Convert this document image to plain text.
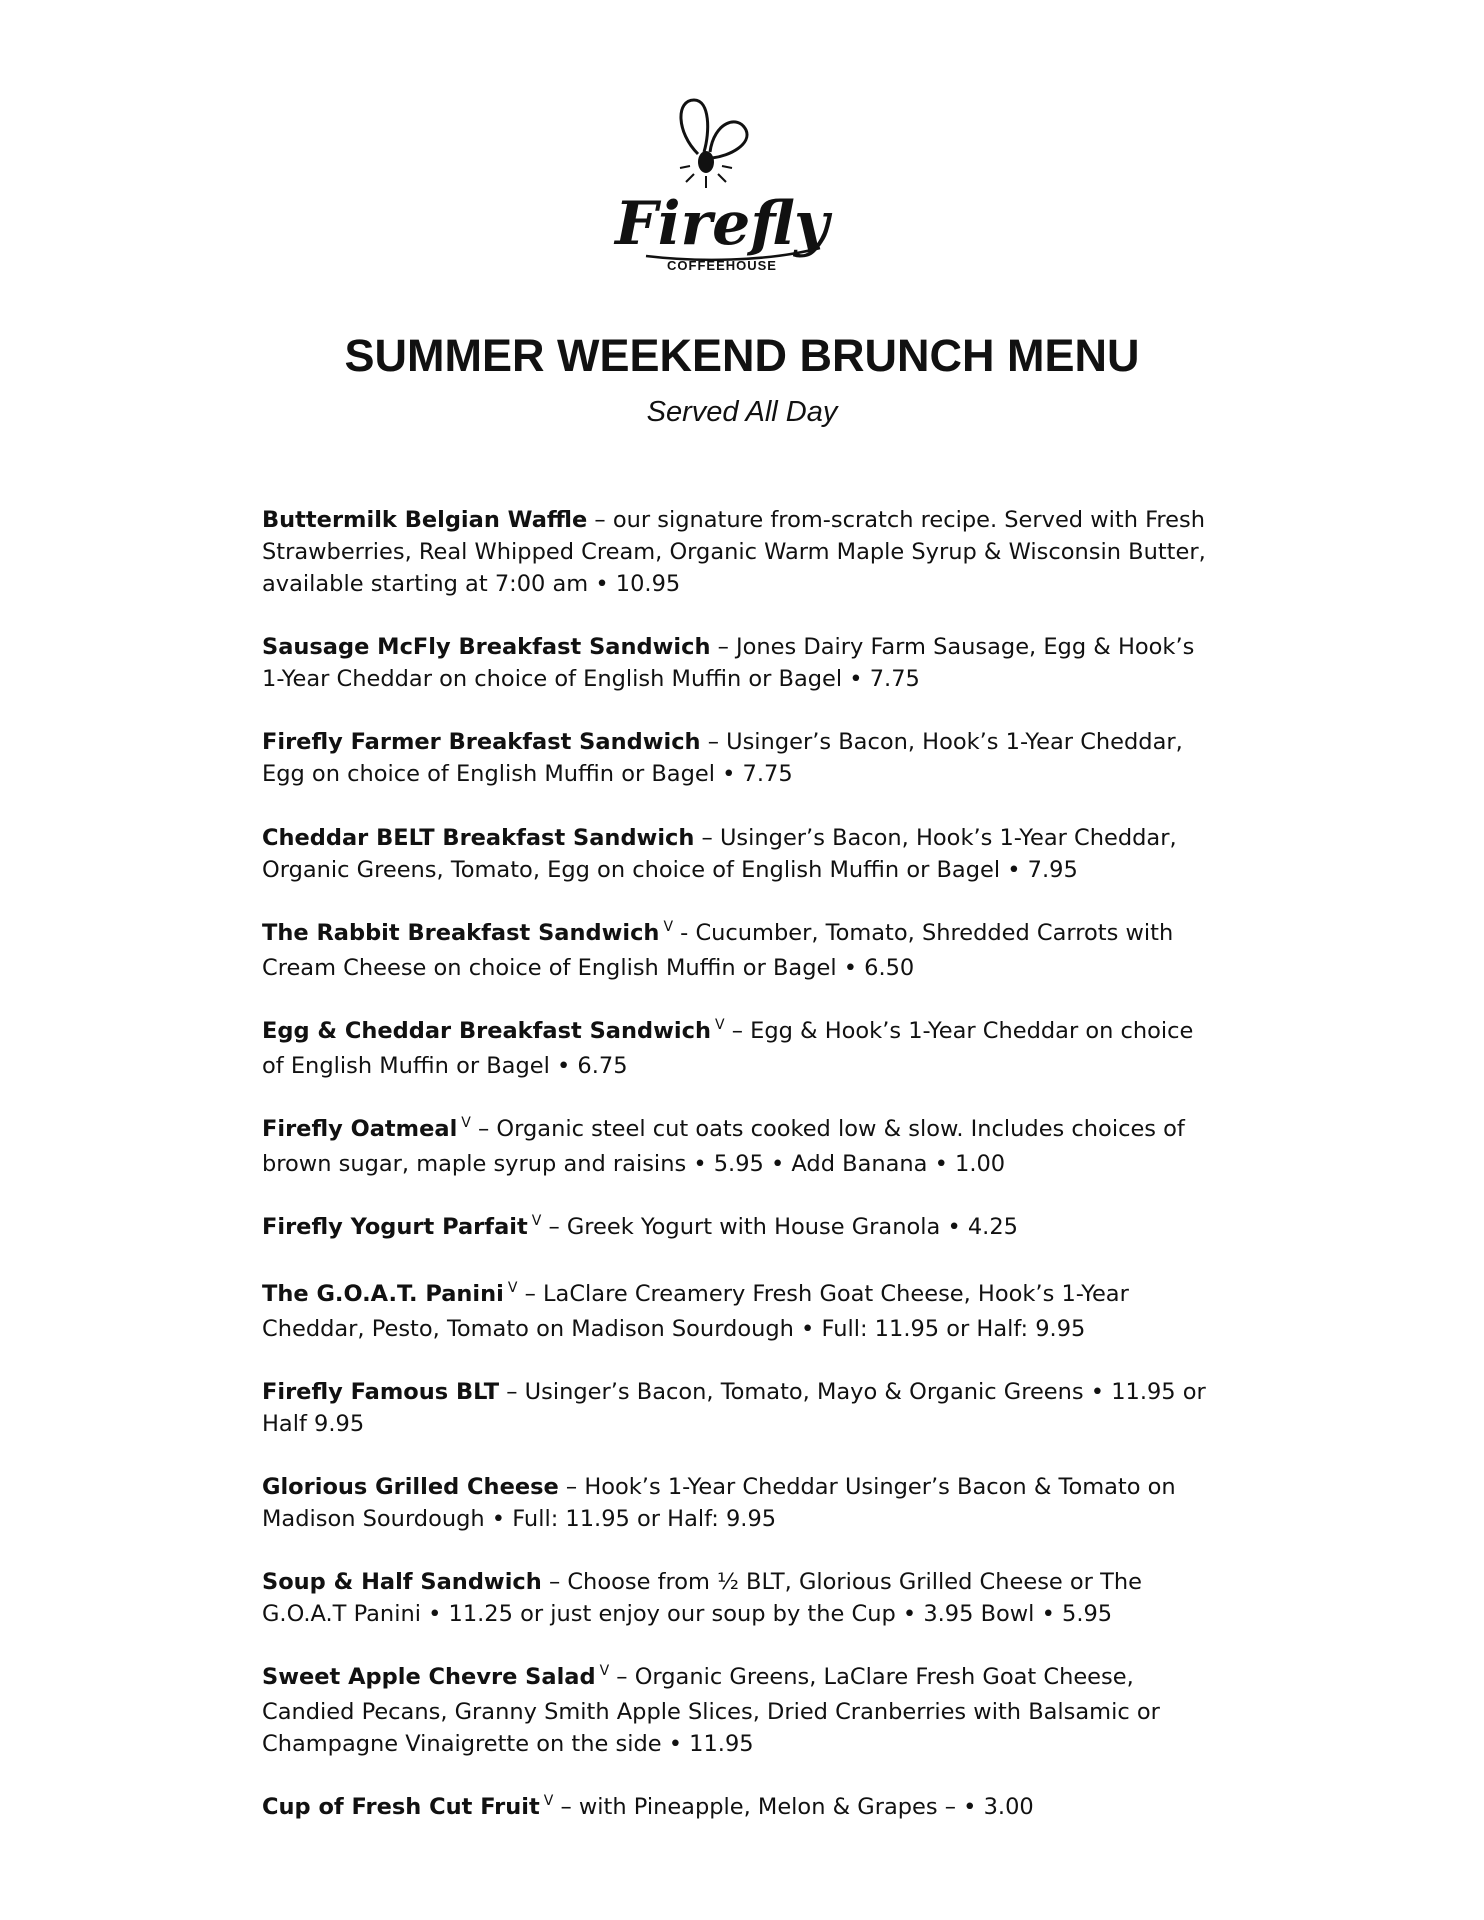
Firefly
COFFEEHOUSE
SUMMER WEEKEND BRUNCH MENU
Served All Day
Buttermilk Belgian Waffle – our signature from-scratch recipe. Served with Fresh Strawberries, Real Whipped Cream, Organic Warm Maple Syrup & Wisconsin Butter, available starting at 7:00 am • 10.95
Sausage McFly Breakfast Sandwich – Jones Dairy Farm Sausage, Egg & Hook’s 1-Year Cheddar on choice of English Muffin or Bagel • 7.75
Firefly Farmer Breakfast Sandwich – Usinger’s Bacon, Hook’s 1-Year Cheddar, Egg on choice of English Muffin or Bagel • 7.75
Cheddar BELT Breakfast Sandwich – Usinger’s Bacon, Hook’s 1-Year Cheddar, Organic Greens, Tomato, Egg on choice of English Muffin or Bagel • 7.95
The Rabbit Breakfast Sandwich $^V$ - Cucumber, Tomato, Shredded Carrots with Cream Cheese on choice of English Muffin or Bagel • 6.50
Egg & Cheddar Breakfast Sandwich $^V$ – Egg & Hook’s 1-Year Cheddar on choice of English Muffin or Bagel • 6.75
Firefly Oatmeal $^V$ – Organic steel cut oats cooked low & slow. Includes choices of brown sugar, maple syrup and raisins • 5.95 • Add Banana • 1.00
Firefly Yogurt Parfait $^V$ – Greek Yogurt with House Granola • 4.25
The G.O.A.T. Panini $^V$ – LaClare Creamery Fresh Goat Cheese, Hook’s 1-Year Cheddar, Pesto, Tomato on Madison Sourdough • Full: 11.95 or Half: 9.95
Firefly Famous BLT – Usinger’s Bacon, Tomato, Mayo & Organic Greens • 11.95 or Half 9.95
Glorious Grilled Cheese – Hook’s 1-Year Cheddar Usinger’s Bacon & Tomato on Madison Sourdough • Full: 11.95 or Half: 9.95
Soup & Half Sandwich – Choose from ½ BLT, Glorious Grilled Cheese or The G.O.A.T Panini • 11.25 or just enjoy our soup by the Cup • 3.95 Bowl • 5.95
Sweet Apple Chevre Salad $^V$ – Organic Greens, LaClare Fresh Goat Cheese, Candied Pecans, Granny Smith Apple Slices, Dried Cranberries with Balsamic or Champagne Vinaigrette on the side • 11.95
Cup of Fresh Cut Fruit $^V$ – with Pineapple, Melon & Grapes – • 3.00
